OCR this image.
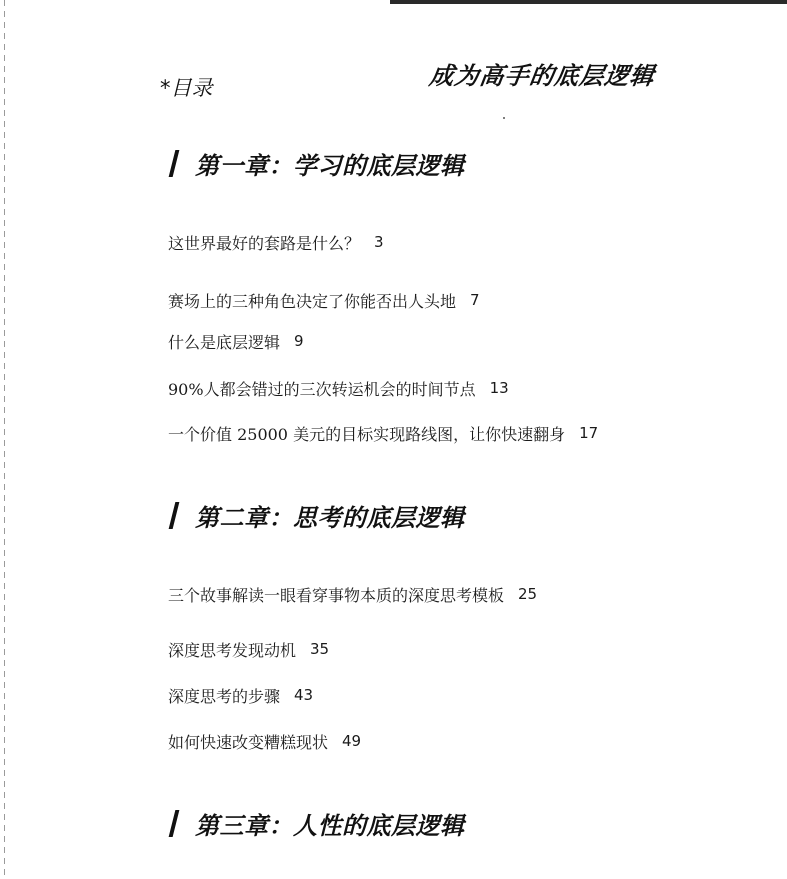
*目录	成为高手的底层逻辑
第一章：学习的底层逻辑
这世界最好的套路是什么？ 3
赛场上的三种角色决定了你能否出人头地 7
什么是底层逻辑 9
90%人都会错过的三次转运机会的时间节点 13
一个价值 25000 美元的目标实现路线图，让你快速翻身 17
第二章：思考的底层逻辑
三个故事解读一眼看穿事物本质的深度思考模板 25
深度思考发现动机 35
深度思考的步骤 43
如何快速改变糟糕现状 49
第三章：人性的底层逻辑
